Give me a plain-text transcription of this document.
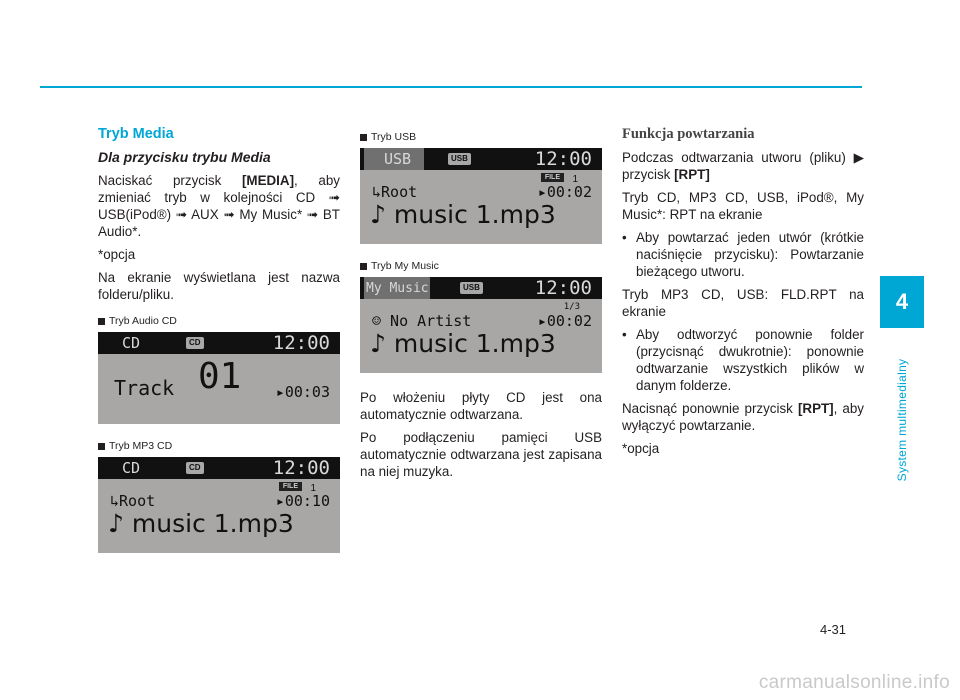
4
System multimedialny

Tryb Media

Dla przycisku trybu Media

Naciskać przycisk [MEDIA], aby zmieniać tryb w kolejności CD ➟ USB(iPod®) ➟ AUX ➟ My Music* ➟ BT Audio*.

*opcja

Na ekranie wyświetlana jest nazwa folderu/pliku.

Tryb Audio CD
CD	CD	12:00
Track 01 ▸00:03
Tryb MP3 CD
CD	CD	12:00
FILE	1
↳Root	▸00:10
♪ music 1.mp3
Tryb USB
USB	USB	12:00
FILE	1
↳Root	▸00:02
♪ music 1.mp3
Tryb My Music
My Music	USB	12:00
1/3
☺ No Artist	▸00:02
♪ music 1.mp3

Po włożeniu płyty CD jest ona automatycznie odtwarzana.

Po podłączeniu pamięci USB automatycznie odtwarzana jest zapisana na niej muzyka.

Funkcja powtarzania

Podczas odtwarzania utworu (pliku) ▶ przycisk [RPT]

Tryb CD, MP3 CD, USB, iPod®, My Music*: RPT na ekranie

• Aby powtarzać jeden utwór (krótkie naciśnięcie przycisku): Powtarzanie bieżącego utworu.

Tryb MP3 CD, USB: FLD.RPT na ekranie

• Aby odtworzyć ponownie folder (przycisnąć dwukrotnie): ponownie odtwarzanie wszystkich plików w danym folderze.

Nacisnąć ponownie przycisk [RPT], aby wyłączyć powtarzanie.

*opcja

4-31
carmanualsonline.info
